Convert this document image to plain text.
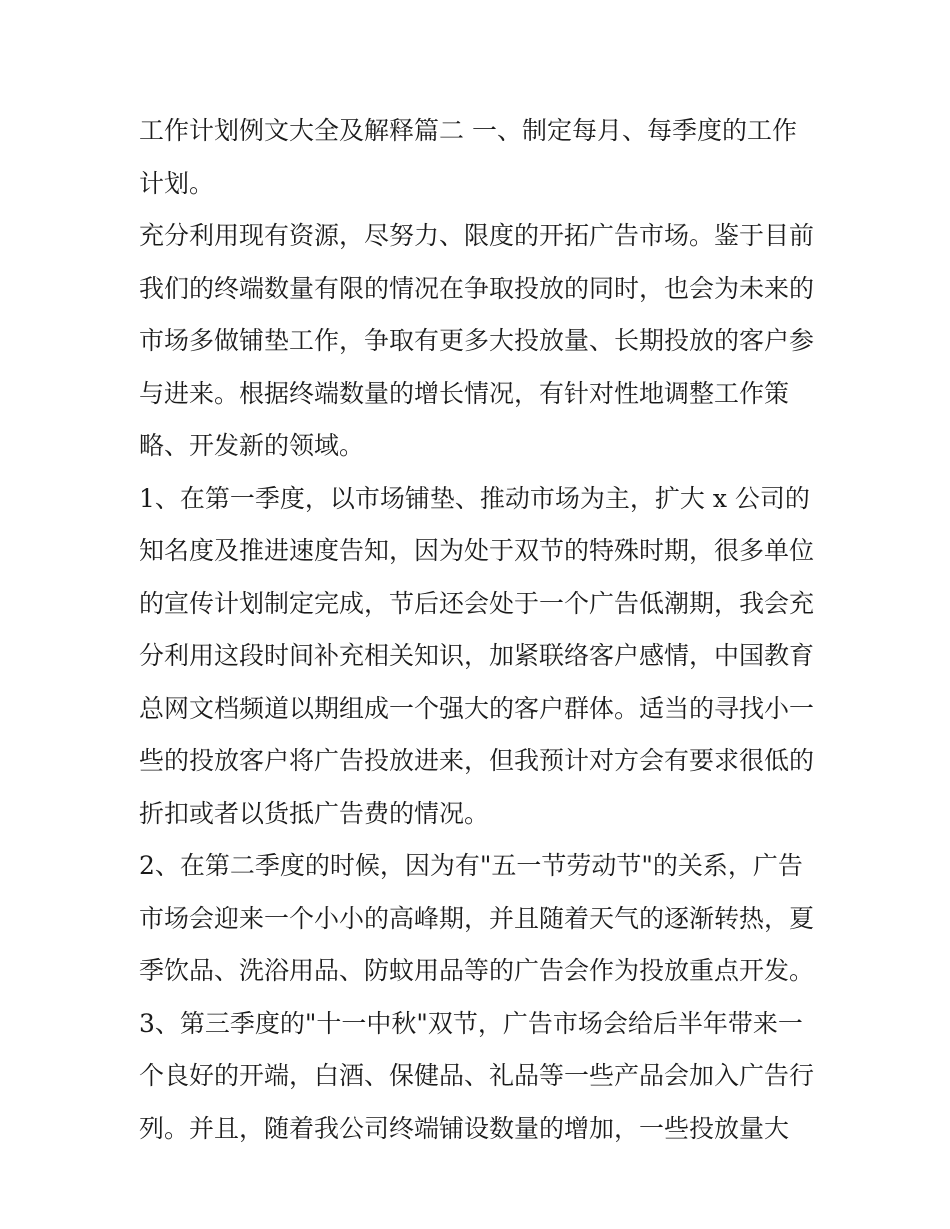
工作计划例文大全及解释篇二 一、制定每月、每季度的工作计划。

充分利用现有资源，尽努力、限度的开拓广告市场。鉴于目前我们的终端数量有限的情况在争取投放的同时，也会为未来的市场多做铺垫工作，争取有更多大投放量、长期投放的客户参与进来。根据终端数量的增长情况，有针对性地调整工作策略、开发新的领域。

1、在第一季度，以市场铺垫、推动市场为主，扩大 x 公司的知名度及推进速度告知，因为处于双节的特殊时期，很多单位的宣传计划制定完成，节后还会处于一个广告低潮期，我会充分利用这段时间补充相关知识，加紧联络客户感情，中国教育总网文档频道以期组成一个强大的客户群体。适当的寻找小一些的投放客户将广告投放进来，但我预计对方会有要求很低的折扣或者以货抵广告费的情况。

2、在第二季度的时候，因为有"五一节劳动节"的关系，广告市场会迎来一个小小的高峰期，并且随着天气的逐渐转热，夏季饮品、洗浴用品、防蚊用品等的广告会作为投放重点开发。

3、第三季度的"十一中秋"双节，广告市场会给后半年带来一个良好的开端，白酒、保健品、礼品等一些产品会加入广告行列。并且，随着我公司终端铺设数量的增加，一些投放量大
